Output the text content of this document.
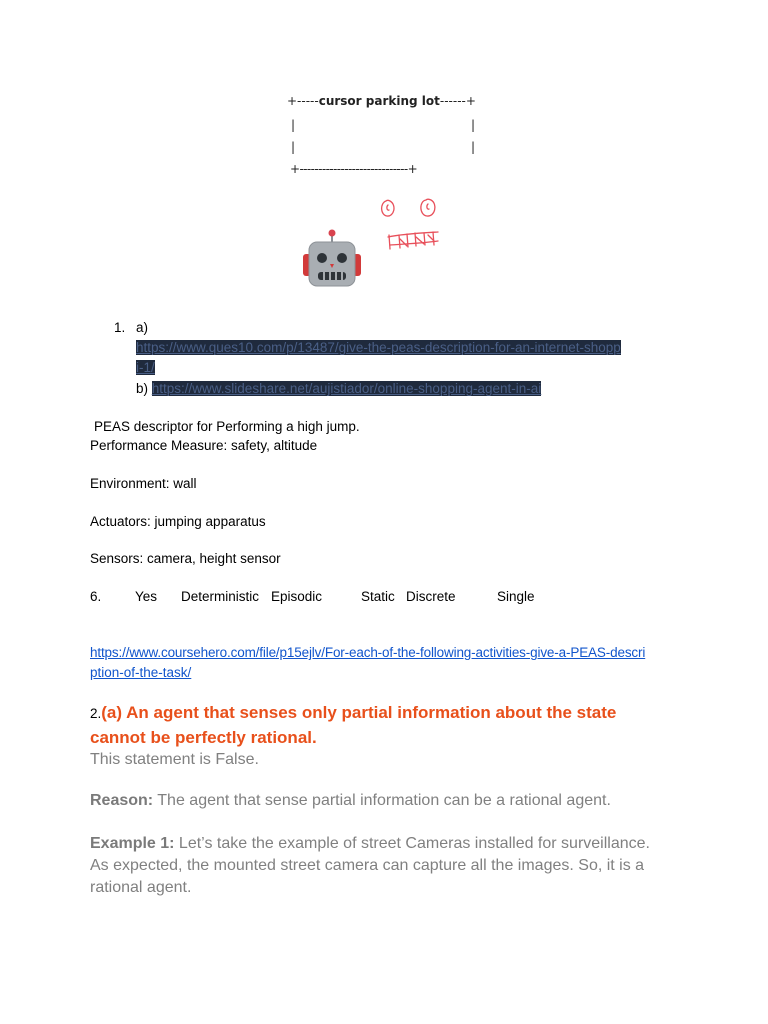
+-----cursor parking lot------+
|	|
|	|
+-----------------------------+
1. a)
https://www.ques10.com/p/13487/give-the-peas-description-for-an-internet-shopp
i-1/
b) https://www.slideshare.net/aujistiador/online-shopping-agent-in-ai
PEAS descriptor for Performing a high jump.
Performance Measure: safety, altitude
Environment: wall
Actuators: jumping apparatus
Sensors: camera, height sensor
6. Yes Deterministic Episodic	Static Discrete	Single
https://www.coursehero.com/file/p15ejlv/For-each-of-the-following-activities-give-a-PEAS-descri
ption-of-the-task/
2.(a) An agent that senses only partial information about the state
cannot be perfectly rational.
This statement is False.
Reason: The agent that sense partial information can be a rational agent.
Example 1: Let’s take the example of street Cameras installed for surveillance.
As expected, the mounted street camera can capture all the images. So, it is a
rational agent.
